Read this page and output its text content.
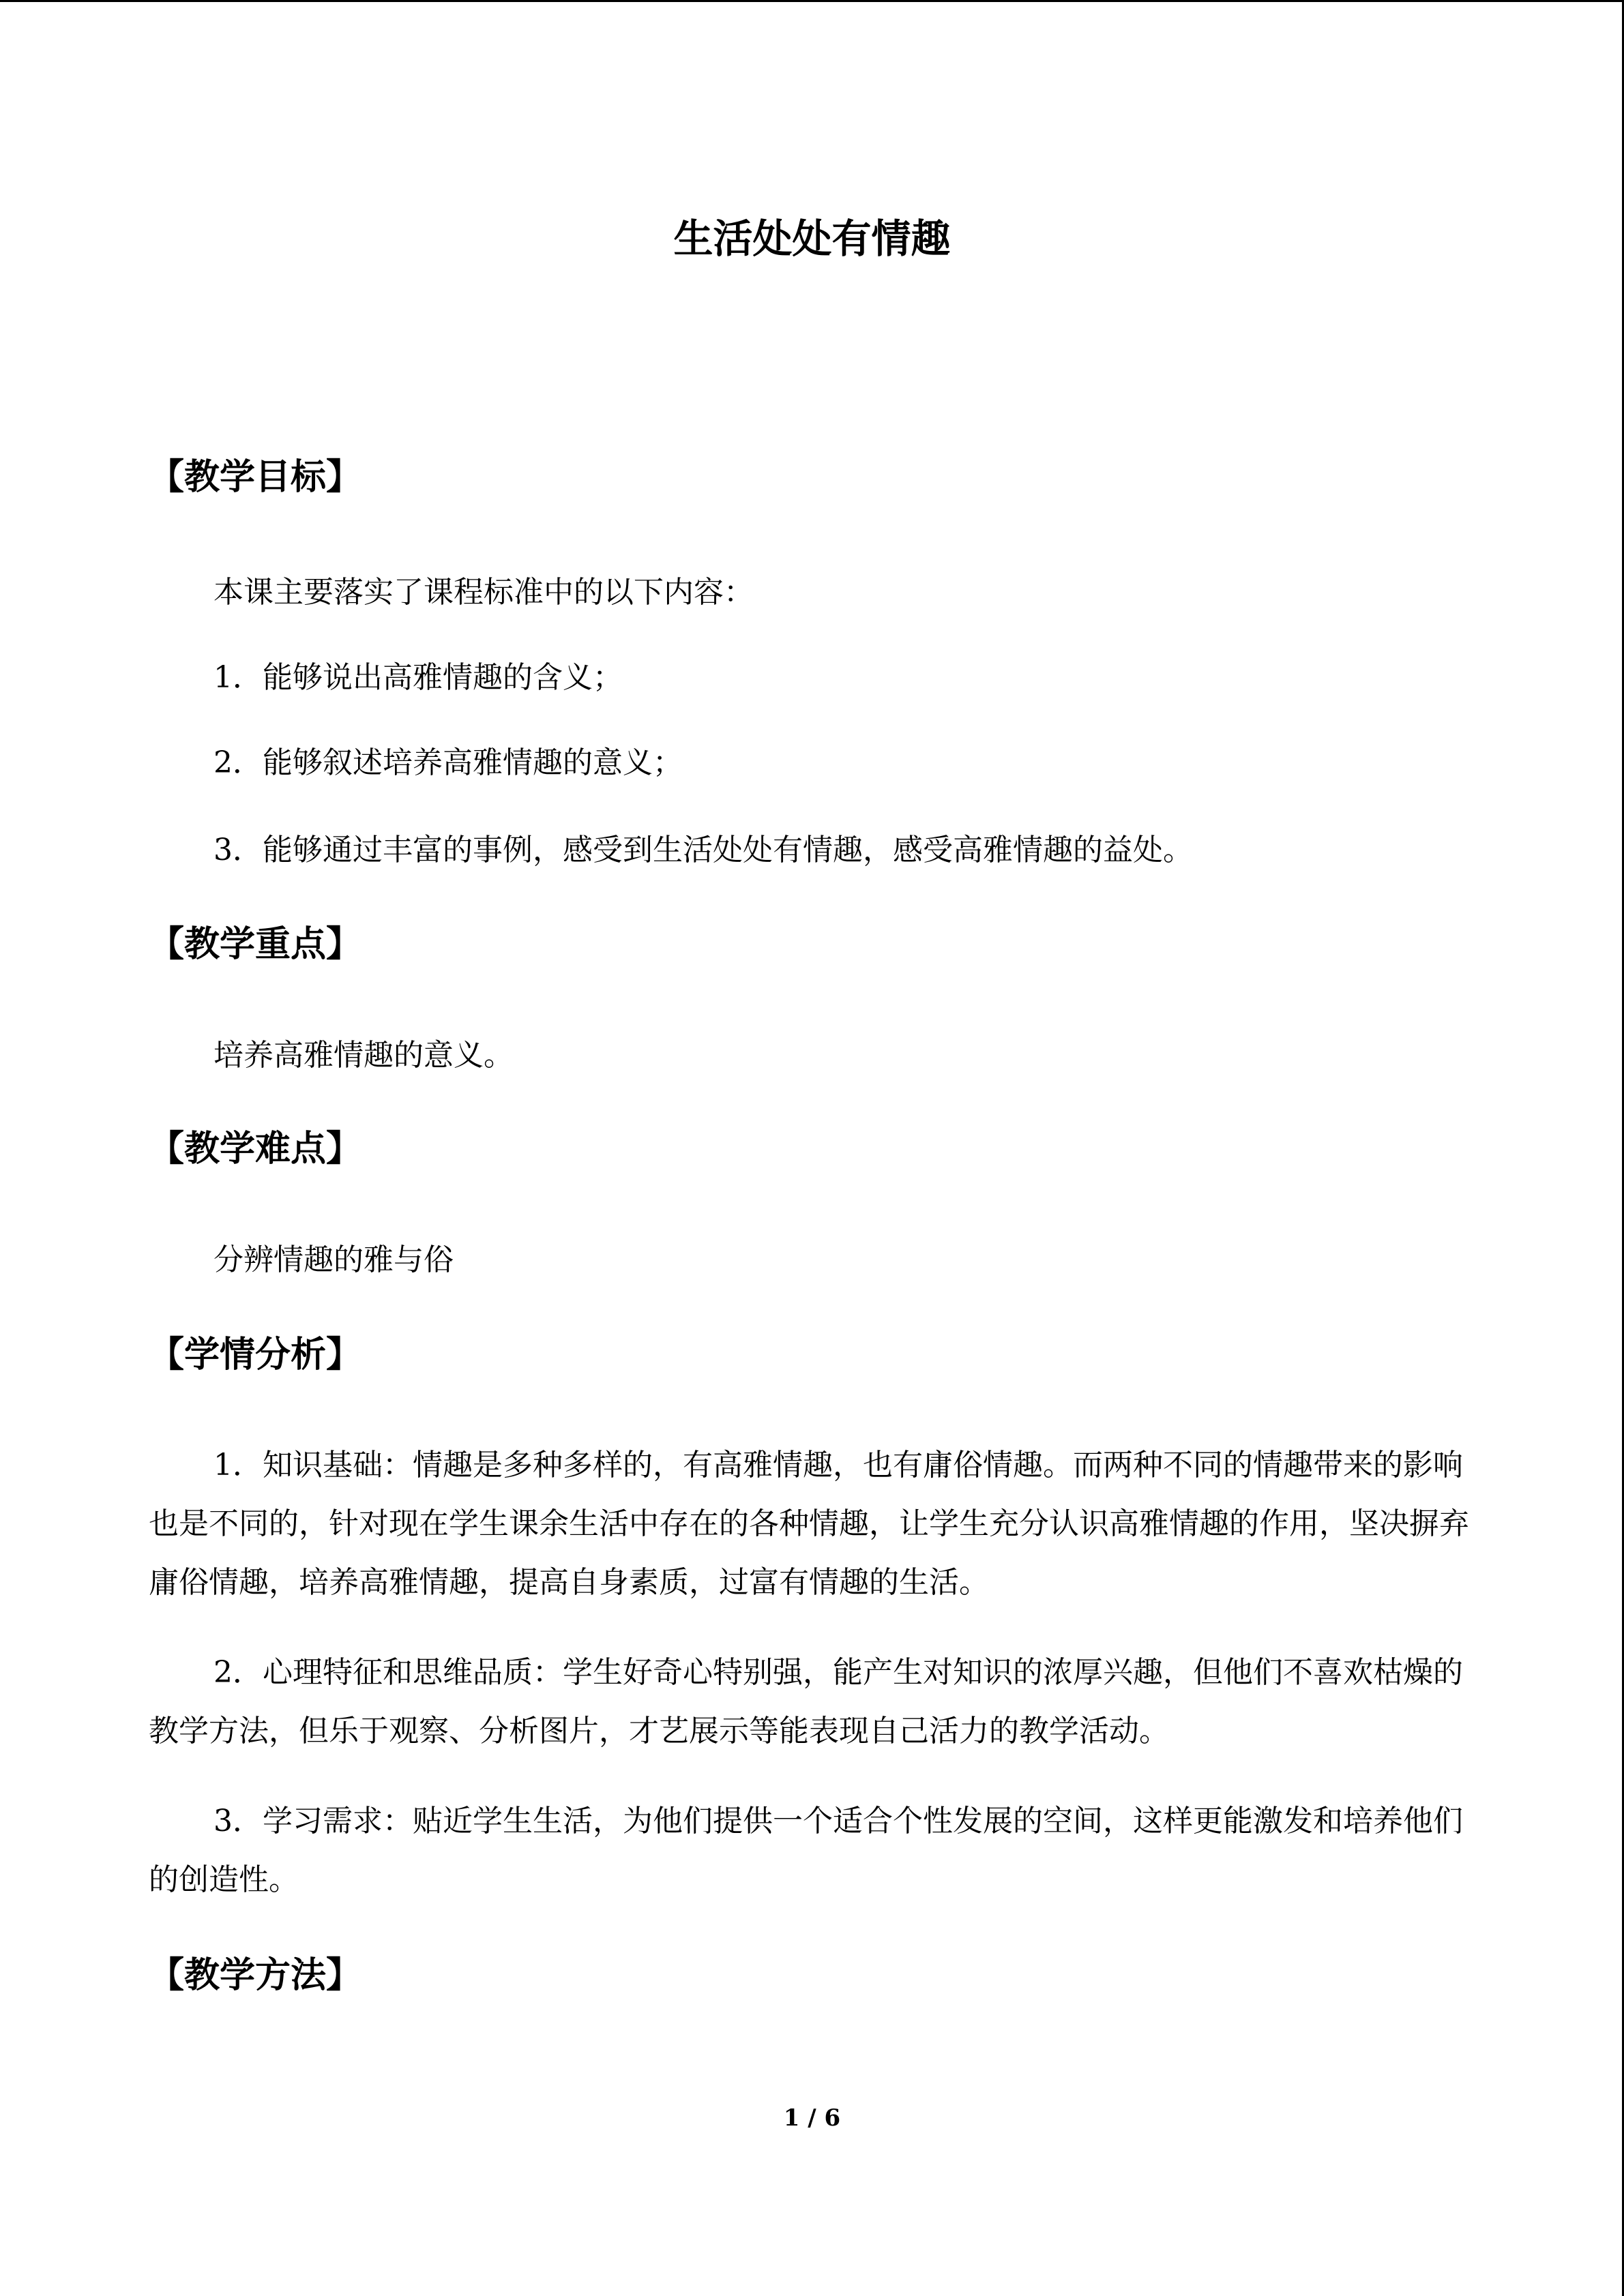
生活处处有情趣
【教学目标】

本课主要落实了课程标准中的以下内容：

1．能够说出高雅情趣的含义；

2．能够叙述培养高雅情趣的意义；

3．能够通过丰富的事例，感受到生活处处有情趣，感受高雅情趣的益处。

【教学重点】

培养高雅情趣的意义。

【教学难点】

分辨情趣的雅与俗

【学情分析】

1．知识基础：情趣是多种多样的，有高雅情趣，也有庸俗情趣。而两种不同的情趣带来的影响也是不同的，针对现在学生课余生活中存在的各种情趣，让学生充分认识高雅情趣的作用，坚决摒弃庸俗情趣，培养高雅情趣，提高自身素质，过富有情趣的生活。

2．心理特征和思维品质：学生好奇心特别强，能产生对知识的浓厚兴趣，但他们不喜欢枯燥的教学方法，但乐于观察、分析图片，才艺展示等能表现自己活力的教学活动。

3．学习需求：贴近学生生活，为他们提供一个适合个性发展的空间，这样更能激发和培养他们的创造性。

【教学方法】
1 / 6
